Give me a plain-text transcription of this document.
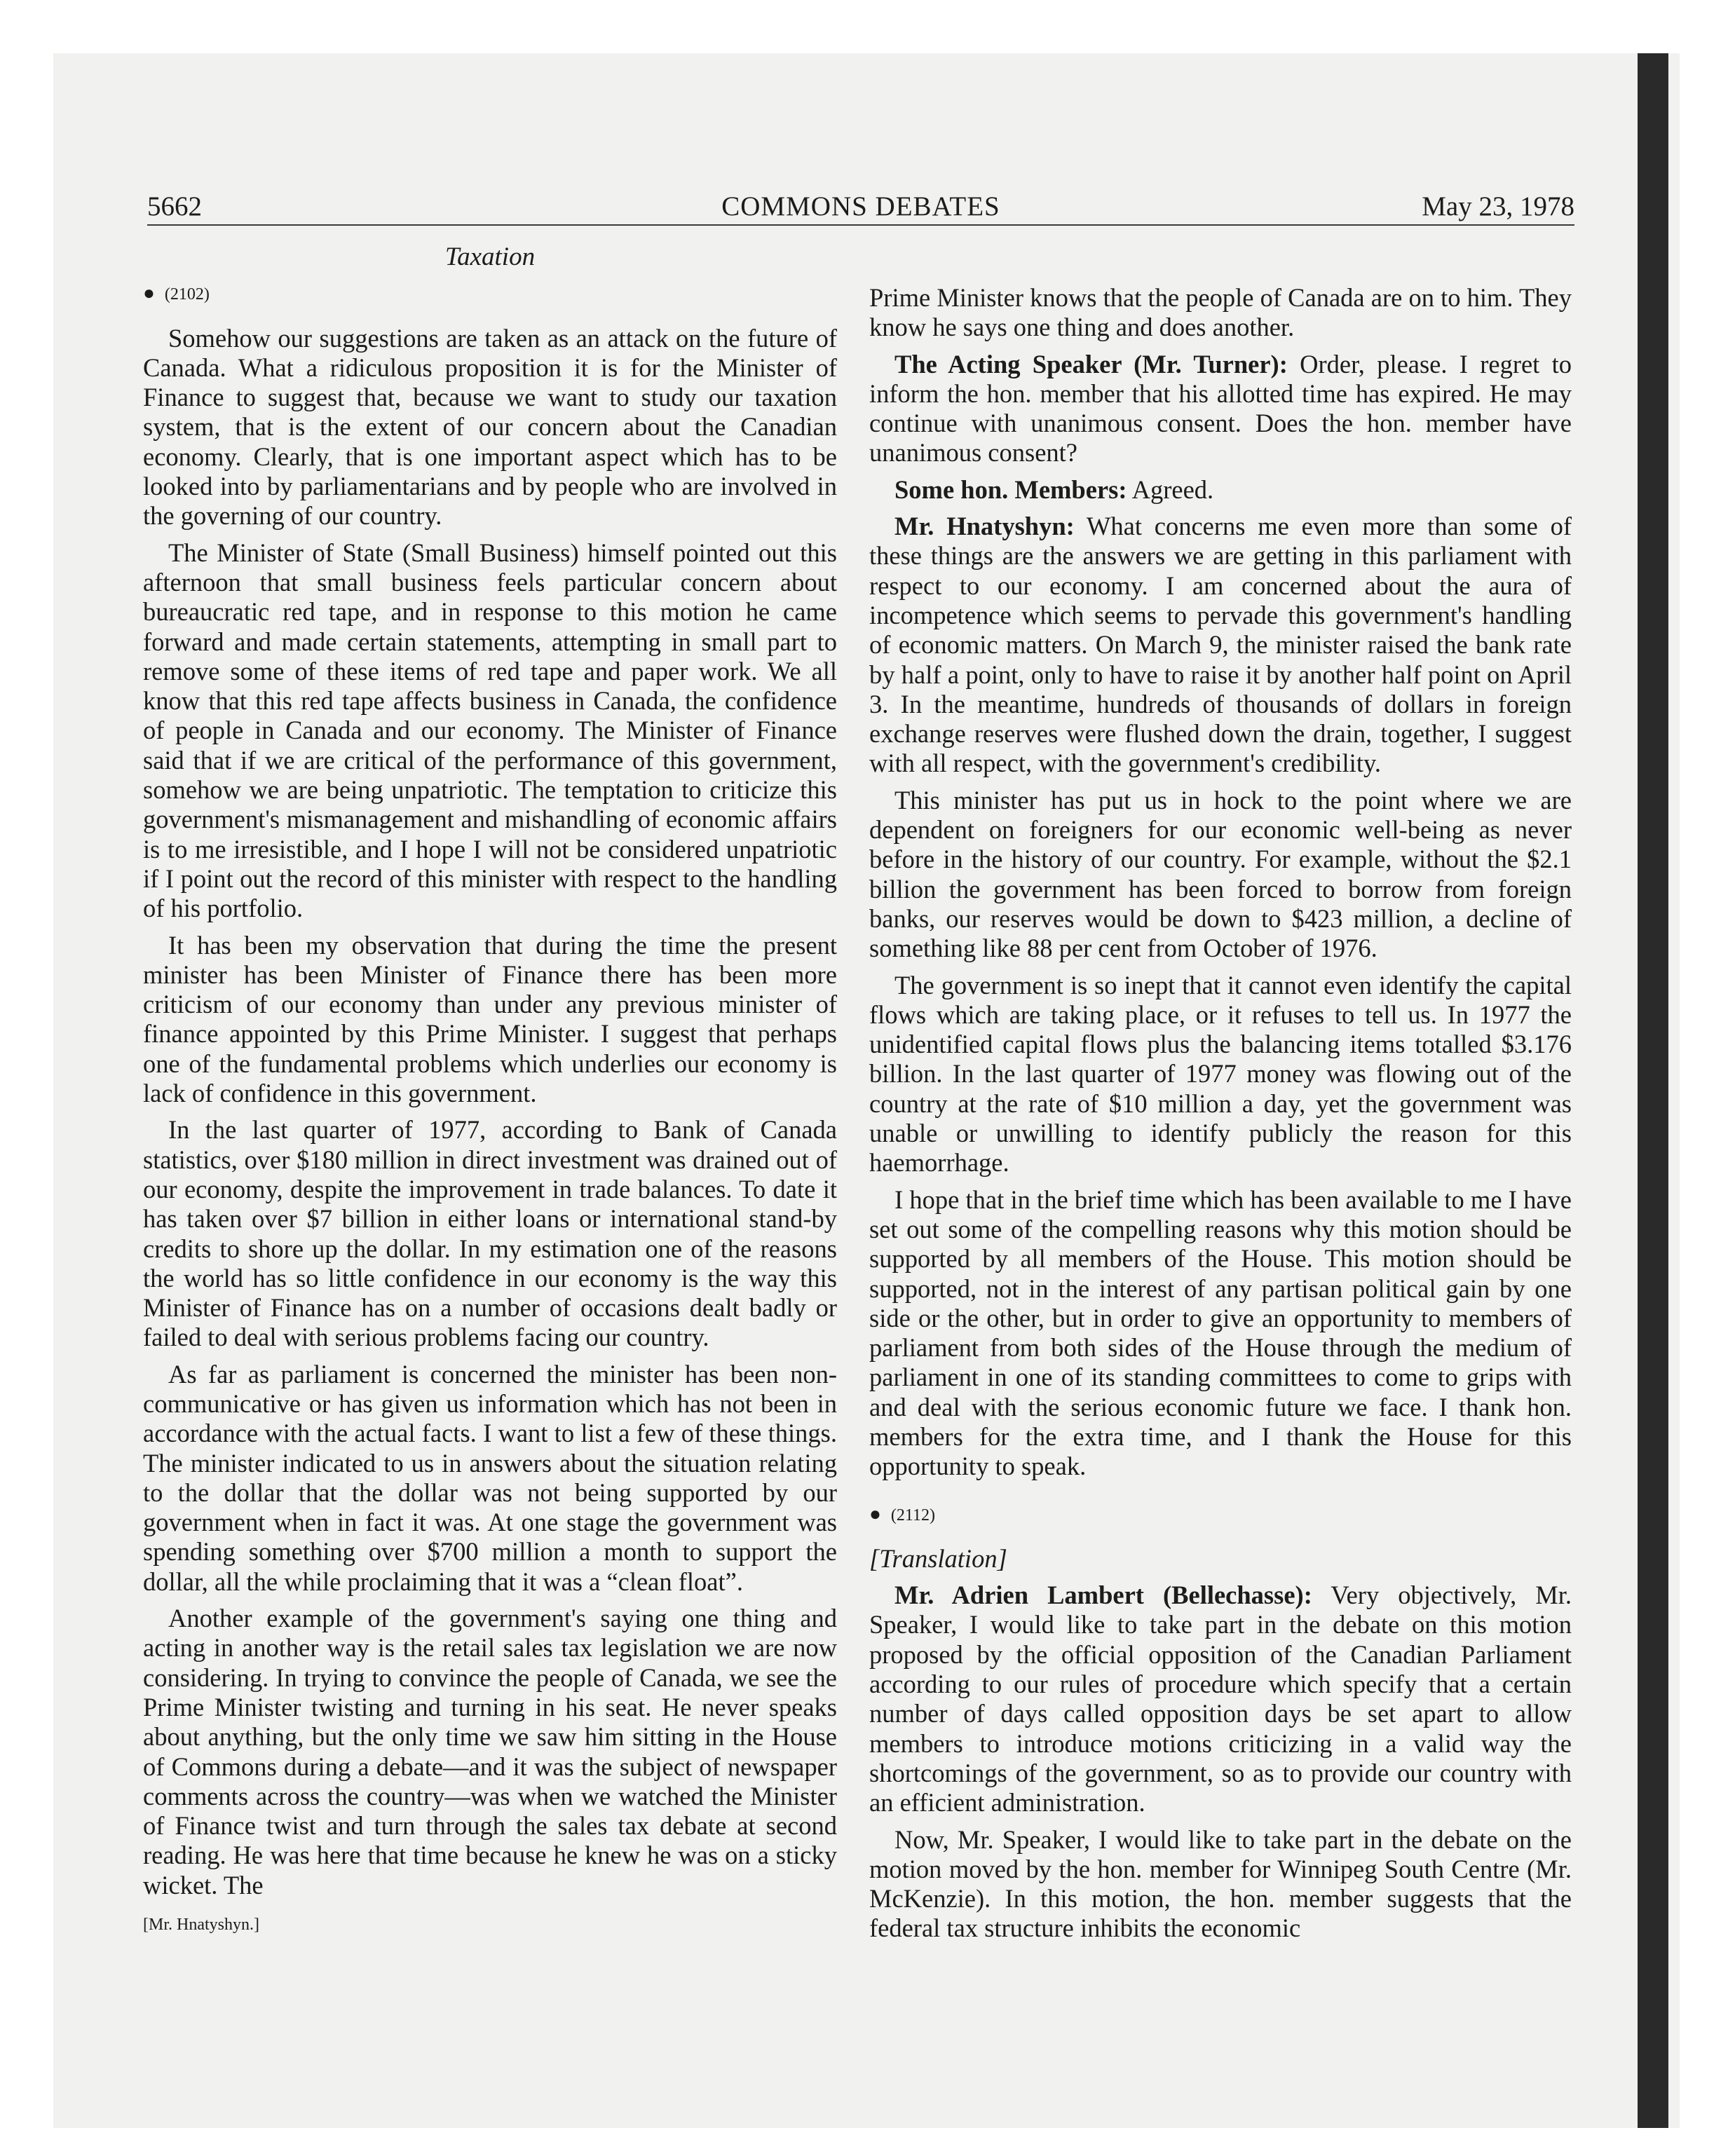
5662	COMMONS DEBATES	May 23, 1978
Taxation
● (2102)

Somehow our suggestions are taken as an attack on the future of Canada. What a ridiculous proposition it is for the Minister of Finance to suggest that, because we want to study our taxation system, that is the extent of our concern about the Canadian economy. Clearly, that is one important aspect which has to be looked into by parliamentarians and by people who are involved in the governing of our country.

The Minister of State (Small Business) himself pointed out this afternoon that small business feels particular concern about bureaucratic red tape, and in response to this motion he came forward and made certain statements, attempting in small part to remove some of these items of red tape and paper work. We all know that this red tape affects business in Canada, the confidence of people in Canada and our economy. The Minister of Finance said that if we are critical of the performance of this government, somehow we are being unpatriotic. The temptation to criticize this government's mismanagement and mishandling of economic affairs is to me irresistible, and I hope I will not be considered unpatriotic if I point out the record of this minister with respect to the handling of his portfolio.

It has been my observation that during the time the present minister has been Minister of Finance there has been more criticism of our economy than under any previous minister of finance appointed by this Prime Minister. I suggest that perhaps one of the fundamental problems which underlies our economy is lack of confidence in this government.

In the last quarter of 1977, according to Bank of Canada statistics, over $180 million in direct investment was drained out of our economy, despite the improvement in trade balances. To date it has taken over $7 billion in either loans or international stand-by credits to shore up the dollar. In my estimation one of the reasons the world has so little confidence in our economy is the way this Minister of Finance has on a number of occasions dealt badly or failed to deal with serious problems facing our country.

As far as parliament is concerned the minister has been non-communicative or has given us information which has not been in accordance with the actual facts. I want to list a few of these things. The minister indicated to us in answers about the situation relating to the dollar that the dollar was not being supported by our government when in fact it was. At one stage the government was spending something over $700 million a month to support the dollar, all the while proclaiming that it was a “clean float”.

Another example of the government's saying one thing and acting in another way is the retail sales tax legislation we are now considering. In trying to convince the people of Canada, we see the Prime Minister twisting and turning in his seat. He never speaks about anything, but the only time we saw him sitting in the House of Commons during a debate—and it was the subject of newspaper comments across the country—was when we watched the Minister of Finance twist and turn through the sales tax debate at second reading. He was here that time because he knew he was on a sticky wicket. The

[Mr. Hnatyshyn.]

Prime Minister knows that the people of Canada are on to him. They know he says one thing and does another.

The Acting Speaker (Mr. Turner): Order, please. I regret to inform the hon. member that his allotted time has expired. He may continue with unanimous consent. Does the hon. member have unanimous consent?

Some hon. Members: Agreed.

Mr. Hnatyshyn: What concerns me even more than some of these things are the answers we are getting in this parliament with respect to our economy. I am concerned about the aura of incompetence which seems to pervade this government's handling of economic matters. On March 9, the minister raised the bank rate by half a point, only to have to raise it by another half point on April 3. In the meantime, hundreds of thousands of dollars in foreign exchange reserves were flushed down the drain, together, I suggest with all respect, with the government's credibility.

This minister has put us in hock to the point where we are dependent on foreigners for our economic well-being as never before in the history of our country. For example, without the $2.1 billion the government has been forced to borrow from foreign banks, our reserves would be down to $423 million, a decline of something like 88 per cent from October of 1976.

The government is so inept that it cannot even identify the capital flows which are taking place, or it refuses to tell us. In 1977 the unidentified capital flows plus the balancing items totalled $3.176 billion. In the last quarter of 1977 money was flowing out of the country at the rate of $10 million a day, yet the government was unable or unwilling to identify publicly the reason for this haemorrhage.

I hope that in the brief time which has been available to me I have set out some of the compelling reasons why this motion should be supported by all members of the House. This motion should be supported, not in the interest of any partisan political gain by one side or the other, but in order to give an opportunity to members of parliament from both sides of the House through the medium of parliament in one of its standing committees to come to grips with and deal with the serious economic future we face. I thank hon. members for the extra time, and I thank the House for this opportunity to speak.

● (2112)
[Translation]

Mr. Adrien Lambert (Bellechasse): Very objectively, Mr. Speaker, I would like to take part in the debate on this motion proposed by the official opposition of the Canadian Parliament according to our rules of procedure which specify that a certain number of days called opposition days be set apart to allow members to introduce motions criticizing in a valid way the shortcomings of the government, so as to provide our country with an efficient administration.

Now, Mr. Speaker, I would like to take part in the debate on the motion moved by the hon. member for Winnipeg South Centre (Mr. McKenzie). In this motion, the hon. member suggests that the federal tax structure inhibits the economic
